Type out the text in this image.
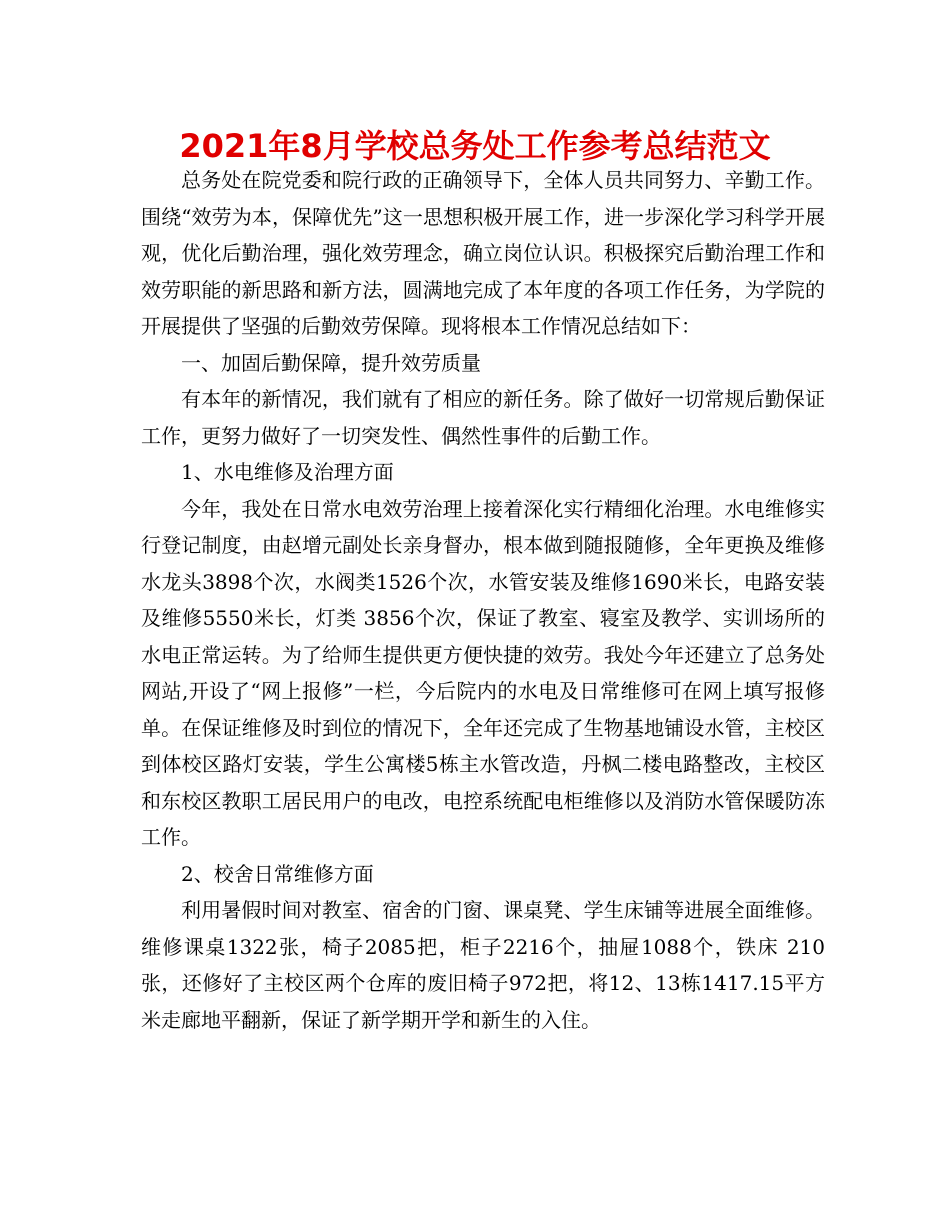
2021年8月学校总务处工作参考总结范文

总务处在院党委和院行政的正确领导下，全体人员共同努力、辛勤工作。围绕“效劳为本，保障优先”这一思想积极开展工作，进一步深化学习科学开展观，优化后勤治理，强化效劳理念，确立岗位认识。积极探究后勤治理工作和效劳职能的新思路和新方法，圆满地完成了本年度的各项工作任务，为学院的开展提供了坚强的后勤效劳保障。现将根本工作情况总结如下：

一、加固后勤保障，提升效劳质量

有本年的新情况，我们就有了相应的新任务。除了做好一切常规后勤保证工作，更努力做好了一切突发性、偶然性事件的后勤工作。

1、水电维修及治理方面

今年，我处在日常水电效劳治理上接着深化实行精细化治理。水电维修实行登记制度，由赵增元副处长亲身督办，根本做到随报随修，全年更换及维修水龙头3898个次，水阀类1526个次，水管安装及维修1690米长，电路安装及维修5550米长，灯类 3856个次，保证了教室、寝室及教学、实训场所的水电正常运转。为了给师生提供更方便快捷的效劳。我处今年还建立了总务处网站,开设了“网上报修”一栏，今后院内的水电及日常维修可在网上填写报修单。在保证维修及时到位的情况下，全年还完成了生物基地铺设水管，主校区到体校区路灯安装，学生公寓楼5栋主水管改造，丹枫二楼电路整改，主校区和东校区教职工居民用户的电改，电控系统配电柜维修以及消防水管保暖防冻工作。

2、校舍日常维修方面

利用暑假时间对教室、宿舍的门窗、课桌凳、学生床铺等进展全面维修。维修课桌1322张，椅子2085把，柜子2216个，抽屉1088个，铁床 210张，还修好了主校区两个仓库的废旧椅子972把，将12、13栋1417.15平方米走廊地平翻新，保证了新学期开学和新生的入住。
